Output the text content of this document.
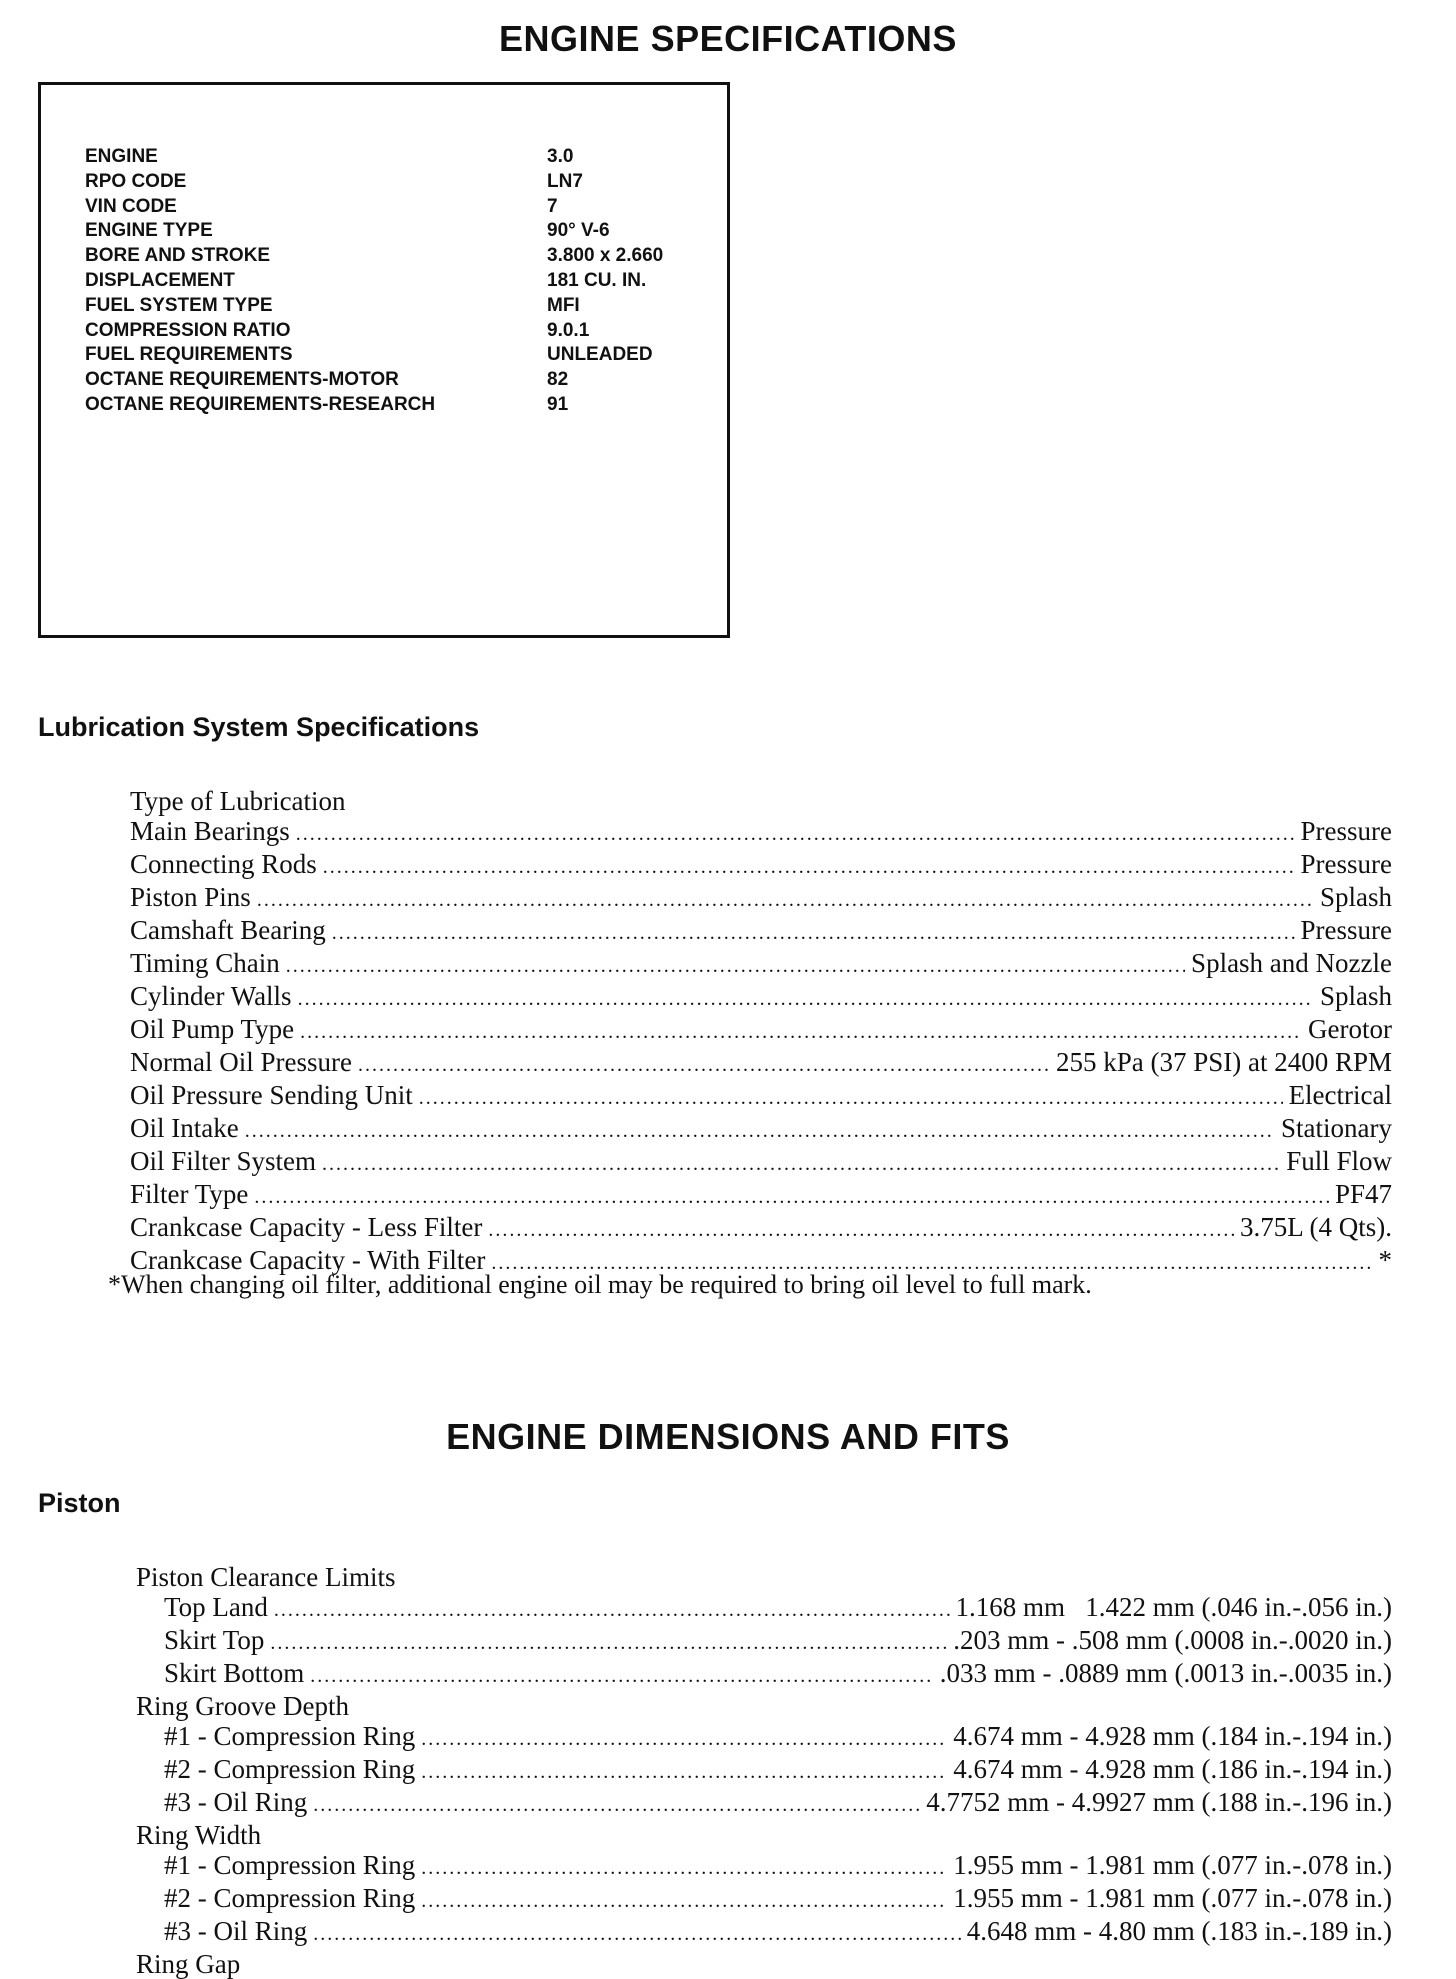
ENGINE SPECIFICATIONS
ENGINE	3.0
RPO CODE	LN7
VIN CODE	7
ENGINE TYPE	90° V-6
BORE AND STROKE	3.800 x 2.660
DISPLACEMENT	181 CU. IN.
FUEL SYSTEM TYPE	MFI
COMPRESSION RATIO	9.0.1
FUEL REQUIREMENTS	UNLEADED
OCTANE REQUIREMENTS-MOTOR	82
OCTANE REQUIREMENTS-RESEARCH	91
Lubrication System Specifications
Type of Lubrication
Main Bearings .....	Pressure
Connecting Rods .....	Pressure
Piston Pins .....	Splash
Camshaft Bearing .....	Pressure
Timing Chain .....	Splash and Nozzle
Cylinder Walls .....	Splash
Oil Pump Type .....	Gerotor
Normal Oil Pressure .....	255 kPa (37 PSI) at 2400 RPM
Oil Pressure Sending Unit .....	Electrical
Oil Intake .....	Stationary
Oil Filter System .....	Full Flow
Filter Type .....	PF47
Crankcase Capacity - Less Filter .....	3.75L (4 Qts).
Crankcase Capacity - With Filter .....	*
*When changing oil filter, additional engine oil may be required to bring oil level to full mark.
ENGINE DIMENSIONS AND FITS
Piston
Piston Clearance Limits
Top Land .....	1.168 mm   1.422 mm (.046 in.-.056 in.)
Skirt Top .....	.203 mm - .508 mm (.0008 in.-.0020 in.)
Skirt Bottom .....	.033 mm - .0889 mm (.0013 in.-.0035 in.)
Ring Groove Depth
#1 - Compression Ring .....	4.674 mm - 4.928 mm (.184 in.-.194 in.)
#2 - Compression Ring .....	4.674 mm - 4.928 mm (.186 in.-.194 in.)
#3 - Oil Ring .....	4.7752 mm - 4.9927 mm (.188 in.-.196 in.)
Ring Width
#1 - Compression Ring .....	1.955 mm - 1.981 mm (.077 in.-.078 in.)
#2 - Compression Ring .....	1.955 mm - 1.981 mm (.077 in.-.078 in.)
#3 - Oil Ring .....	4.648 mm - 4.80 mm (.183 in.-.189 in.)
Ring Gap
